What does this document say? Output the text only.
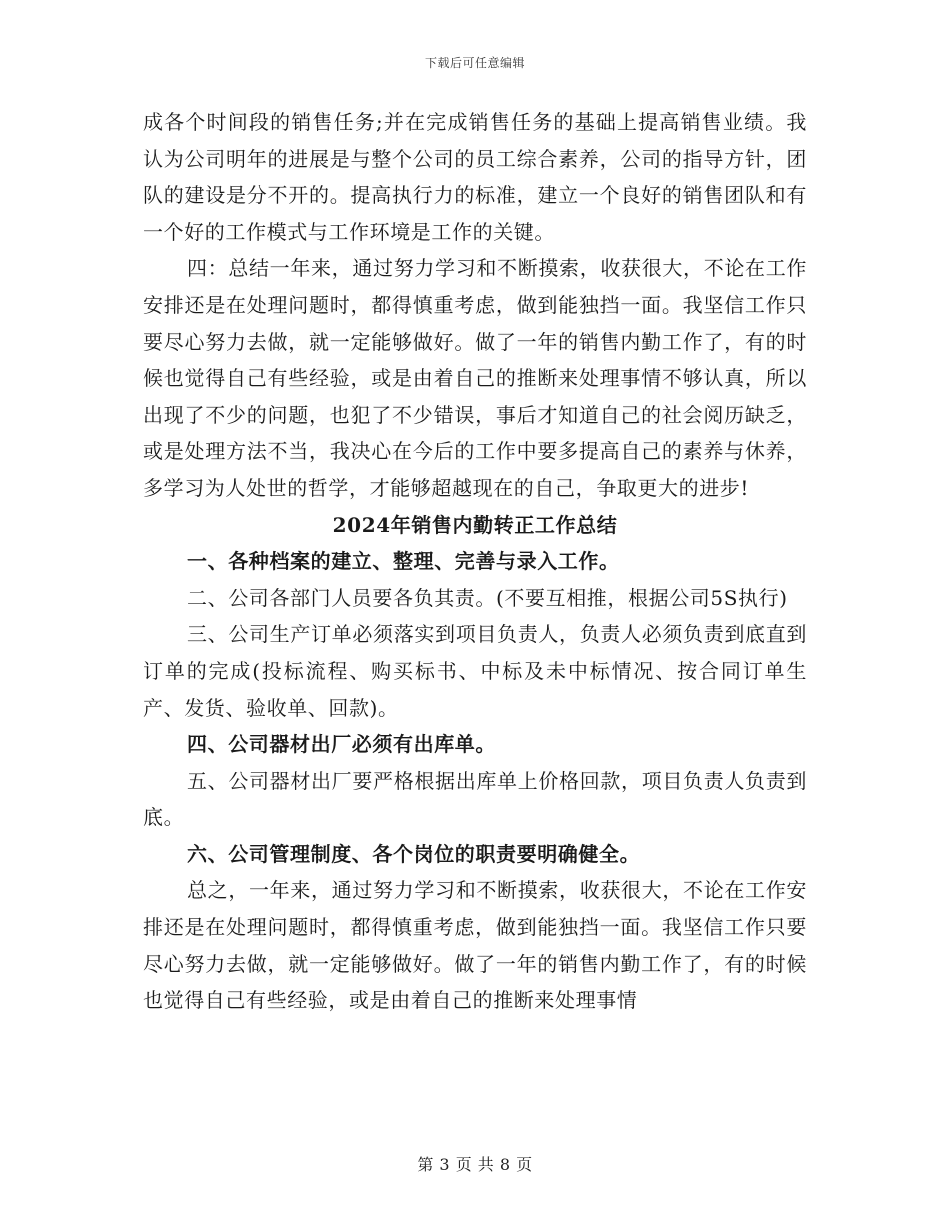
下载后可任意编辑

成各个时间段的销售任务;并在完成销售任务的基础上提高销售业绩。我认为公司明年的进展是与整个公司的员工综合素养，公司的指导方针，团队的建设是分不开的。提高执行力的标准，建立一个良好的销售团队和有一个好的工作模式与工作环境是工作的关键。

四：总结一年来，通过努力学习和不断摸索，收获很大，不论在工作安排还是在处理问题时，都得慎重考虑，做到能独挡一面。我坚信工作只要尽心努力去做，就一定能够做好。做了一年的销售内勤工作了，有的时候也觉得自己有些经验，或是由着自己的推断来处理事情不够认真，所以出现了不少的问题，也犯了不少错误，事后才知道自己的社会阅历缺乏，或是处理方法不当，我决心在今后的工作中要多提高自己的素养与休养，多学习为人处世的哲学，才能够超越现在的自己，争取更大的进步!

2024年销售内勤转正工作总结

一、各种档案的建立、整理、完善与录入工作。

二、公司各部门人员要各负其责。(不要互相推，根据公司5S执行)

三、公司生产订单必须落实到项目负责人，负责人必须负责到底直到订单的完成(投标流程、购买标书、中标及未中标情况、按合同订单生产、发货、验收单、回款)。

四、公司器材出厂必须有出库单。

五、公司器材出厂要严格根据出库单上价格回款，项目负责人负责到底。

六、公司管理制度、各个岗位的职责要明确健全。

总之，一年来，通过努力学习和不断摸索，收获很大，不论在工作安排还是在处理问题时，都得慎重考虑，做到能独挡一面。我坚信工作只要尽心努力去做，就一定能够做好。做了一年的销售内勤工作了，有的时候也觉得自己有些经验，或是由着自己的推断来处理事情

第 3 页 共 8 页
